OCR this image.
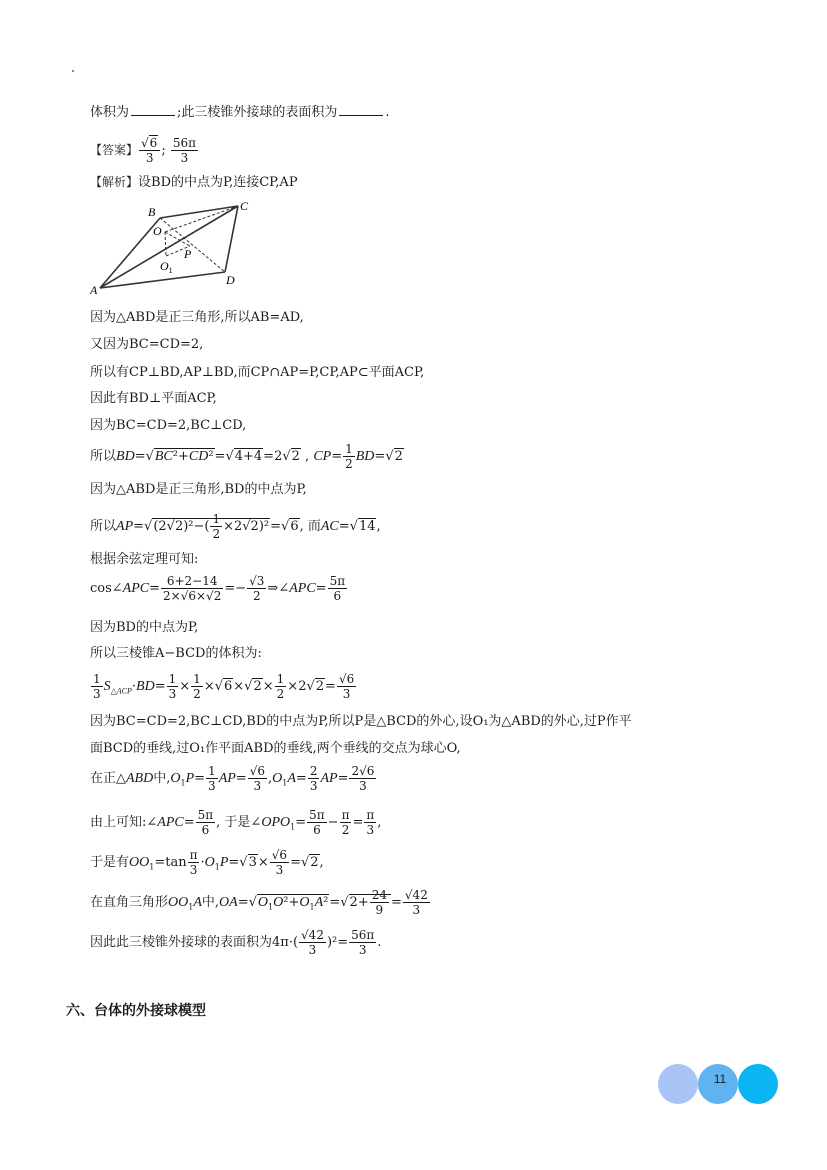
体积为	;此三棱锥外接球的表面积为	.
【答案】 $\frac{√6}{3}$ ; $\frac{56\pi}{3}$
【解析】设BD的中点为P,连接CP,AP
B	C
O
P
$O_1$
A
D
因为△ABD是正三角形,所以AB=AD,
又因为BC=CD=2,
所以有CP⊥BD,AP⊥BD,而CP∩AP=P,CP,AP⊂平面ACP,
因此有BD⊥平面ACP,
因为BC=CD=2,BC⊥CD,
所以BD=√BC²+CD²=√4+4=2√2 , $CP= \frac{1}{2} BD=√2$
因为△ABD是正三角形,BD的中点为P,
所以$AP=√(2√2)^2-( \frac{1}{2} \times 2√2)^2=√6$, 而AC=√14,
根据余弦定理可知:
cos∠APC= $\frac{6+2-14}{2\times√6\times√2} =- \frac{√3}{2}$ ⇒∠APC= $\frac{5\pi}{6}$
因为BD的中点为P,
所以三棱锥A−BCD的体积为:
$\frac{1}{3} S_{\triangle ACP}\cdot BD= \frac{1}{3} \times \frac{1}{2} \times√6\times√2\times \frac{1}{2} \times 2√2= \frac{√6}{3}$
因为BC=CD=2,BC⊥CD,BD的中点为P,所以P是△BCD的外心,设O₁为△ABD的外心,过P作平
面BCD的垂线,过O₁作平面ABD的垂线,两个垂线的交点为球心O,
在正△ABD中$,O_1P= \frac{1}{3} AP= \frac{√6}{3} ,O_1A= \frac{2}{3} AP= \frac{2√6}{3}$
由上可知:∠APC= $\frac{5\pi}{6}$ , 于是$\angle OPO_1= \frac{5\pi}{6} - \frac{\pi}{2} = \frac{\pi}{3}$ ,
于是有$OO_1=\tan \frac{\pi}{3} \cdot O_1P=√3\times \frac{√6}{3} =√2$,
在直角三角形$OO_1A$中$,OA=√O_1O^2+O_1A^2=√2+ \frac{24}{9} = \frac{√42}{3}$
因此此三棱锥外接球的表面积为$4\pi\cdot( \frac{√42}{3} )^2= \frac{56\pi}{3}$ .
六、台体的外接球模型
11
